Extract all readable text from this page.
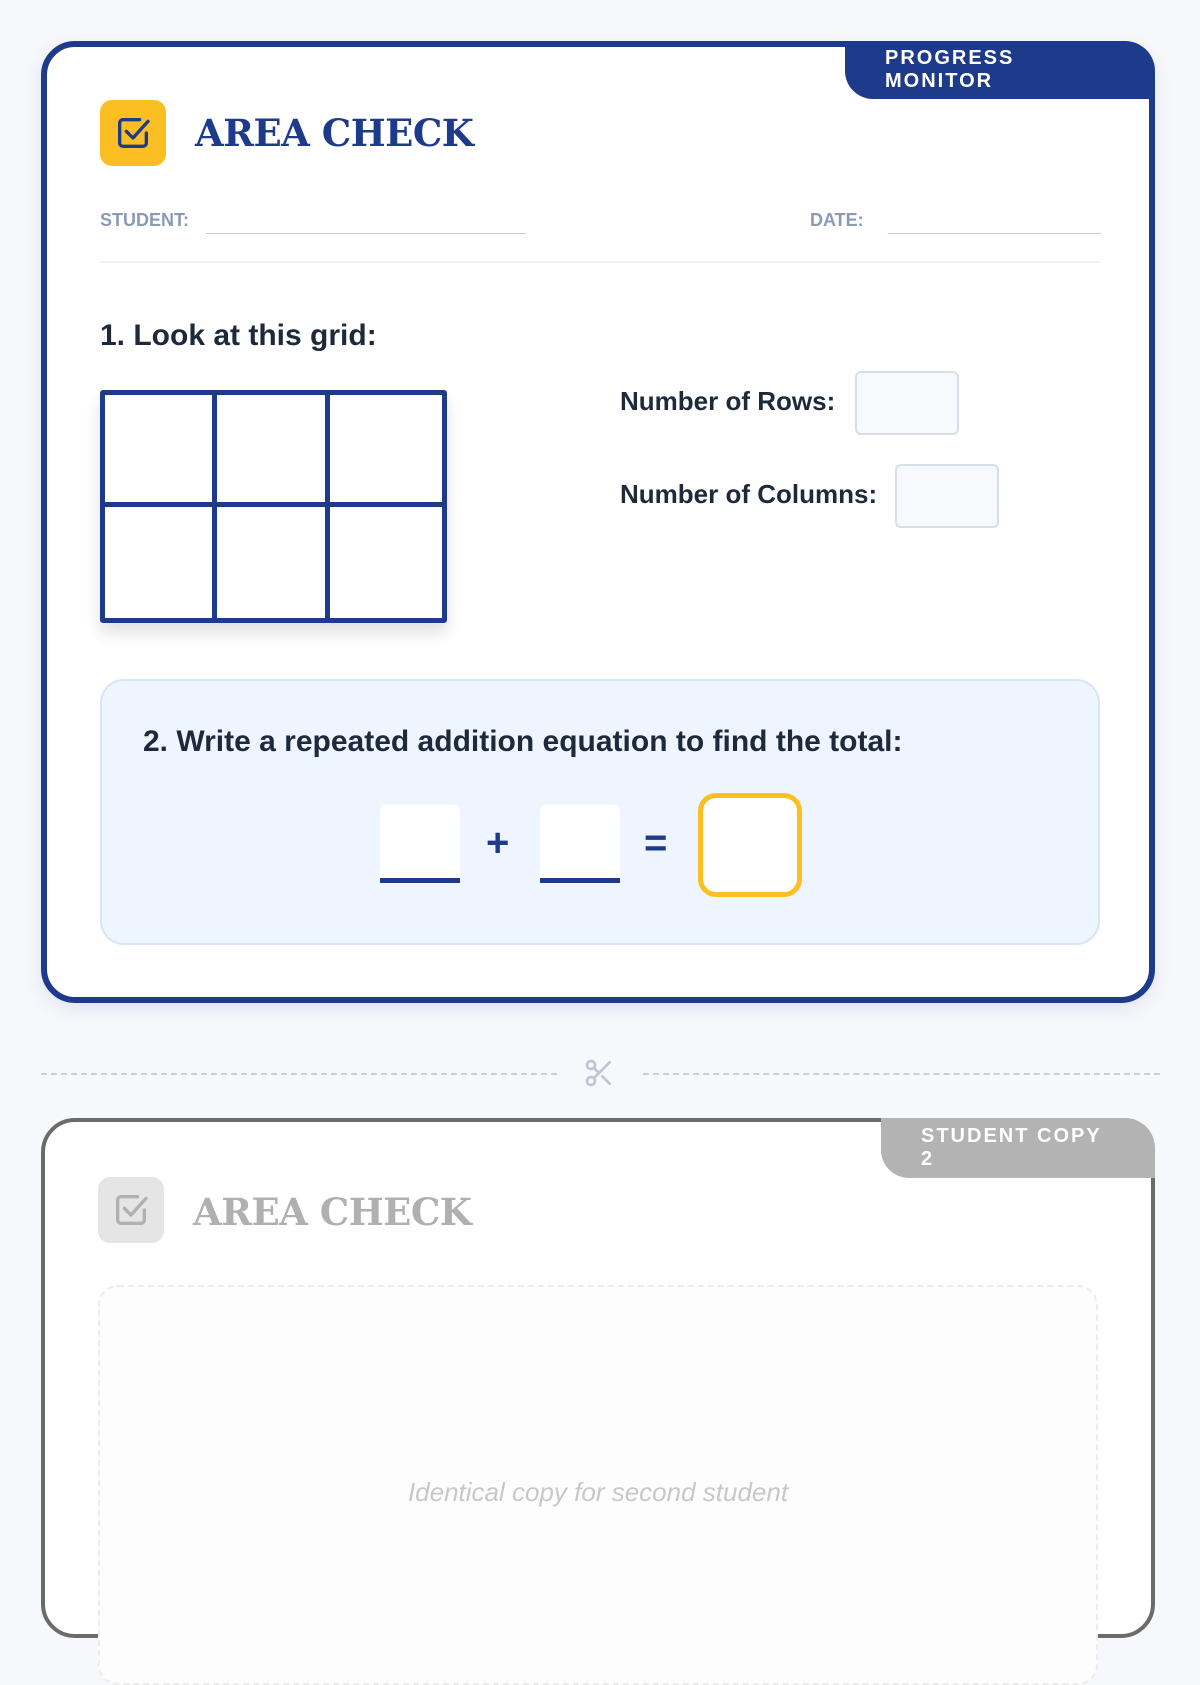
PROGRESS MONITOR
AREA CHECK
STUDENT:	DATE:
1. Look at this grid:
Number of Rows:
Number of Columns:
2. Write a repeated addition equation to find the total:
+	=
STUDENT COPY 2
AREA CHECK
Identical copy for second student
